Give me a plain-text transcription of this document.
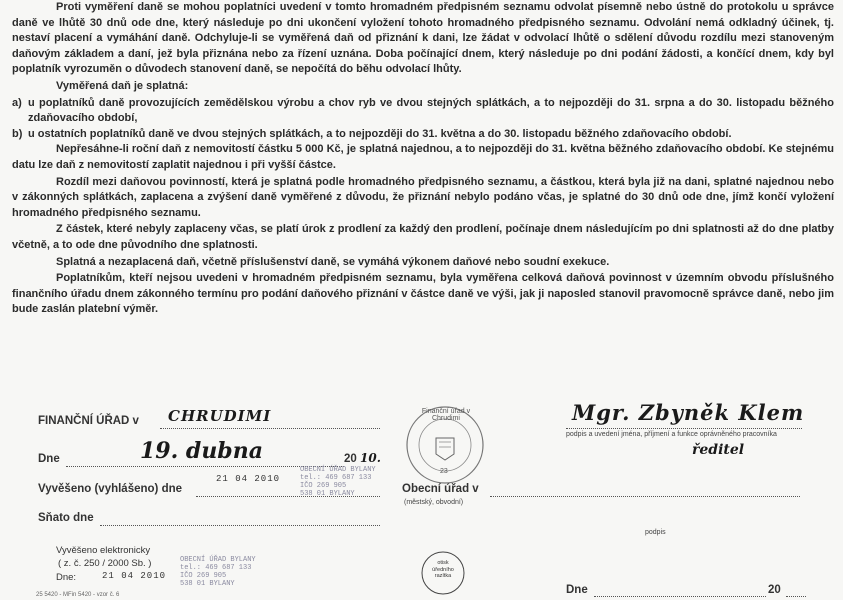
Proti vyměření daně se mohou poplatníci uvedení v tomto hromadném předpisném seznamu odvolat písemně nebo ústně do protokolu u správce daně ve lhůtě 30 dnů ode dne, který následuje po dni ukončení vyložení tohoto hromadného předpisného seznamu. Odvolání nemá odkladný účinek, tj. nestaví placení a vymáhání daně. Odchyluje-li se vyměřená daň od přiznání k dani, lze žádat v odvolací lhůtě o sdělení důvodu rozdílu mezi stanoveným daňovým základem a daní, jež byla přiznána nebo za řízení uznána. Doba počínající dnem, který následuje po dni podání žádosti, a končící dnem, kdy byl poplatník vyrozuměn o důvodech stanovení daně, se nepočítá do běhu odvolací lhůty.

Vyměřená daň je splatná:

a) u poplatníků daně provozujících zemědělskou výrobu a chov ryb ve dvou stejných splátkách, a to nejpozději do 31. srpna a do 30. listopadu běžného zdaňovacího období,
b) u ostatních poplatníků daně ve dvou stejných splátkách, a to nejpozději do 31. května a do 30. listopadu běžného zdaňovacího období.

Nepřesáhne-li roční daň z nemovitostí částku 5 000 Kč, je splatná najednou, a to nejpozději do 31. května běžného zdaňovacího období. Ke stejnému datu lze daň z nemovitostí zaplatit najednou i při vyšší částce.

Rozdíl mezi daňovou povinností, která je splatná podle hromadného předpisného seznamu, a částkou, která byla již na dani, splatné najednou nebo v zákonných splátkách, zaplacena a zvýšení daně vyměřené z důvodu, že přiznání nebylo podáno včas, je splatné do 30 dnů ode dne, jímž končí vyložení hromadného předpisného seznamu.

Z částek, které nebyly zaplaceny včas, se platí úrok z prodlení za každý den prodlení, počínaje dnem následujícím po dni splatnosti až do dne platby včetně, a to ode dne původního dne splatnosti.

Splatná a nezaplacená daň, včetně příslušenství daně, se vymáhá výkonem daňové nebo soudní exekuce.

Poplatníkům, kteří nejsou uvedeni v hromadném předpisném seznamu, byla vyměřena celková daňová povinnost v územním obvodu příslušného finančního úřadu dnem zákonného termínu pro podání daňového přiznání v částce daně ve výši, jak ji naposled stanovil pravomocně správce daně, nebo jim bude zaslán platební výměr.

FINANČNÍ ÚŘAD v CHRUDIMI
Dne	19. dubna	20 10.
Vyvěšeno (vyhlášeno) dne
21 04 2010
Obecní úřad v
(městský, obvodní)
Sňato dne
Mgr. Zbyněk Klem
podpis a uvedení jména, příjmení a funkce oprávněného pracovníka
ředitel
podpis
Finanční úřad v Chrudimi
23
OBECNÍ ÚŘAD BYLANY
tel.: 469 687 133
IČO 269 905
538 01 BYLANY
Vyvěšeno elektronicky
( z. č. 250 / 2000 Sb. )
Dne:	21 04 2010
OBECNÍ ÚŘAD BYLANY
tel.: 469 687 133
IČO 269 905
538 01 BYLANY
otisk
úředního
razítka
Dne	20
25 5420 - MFin 5420 - vzor č. 6
